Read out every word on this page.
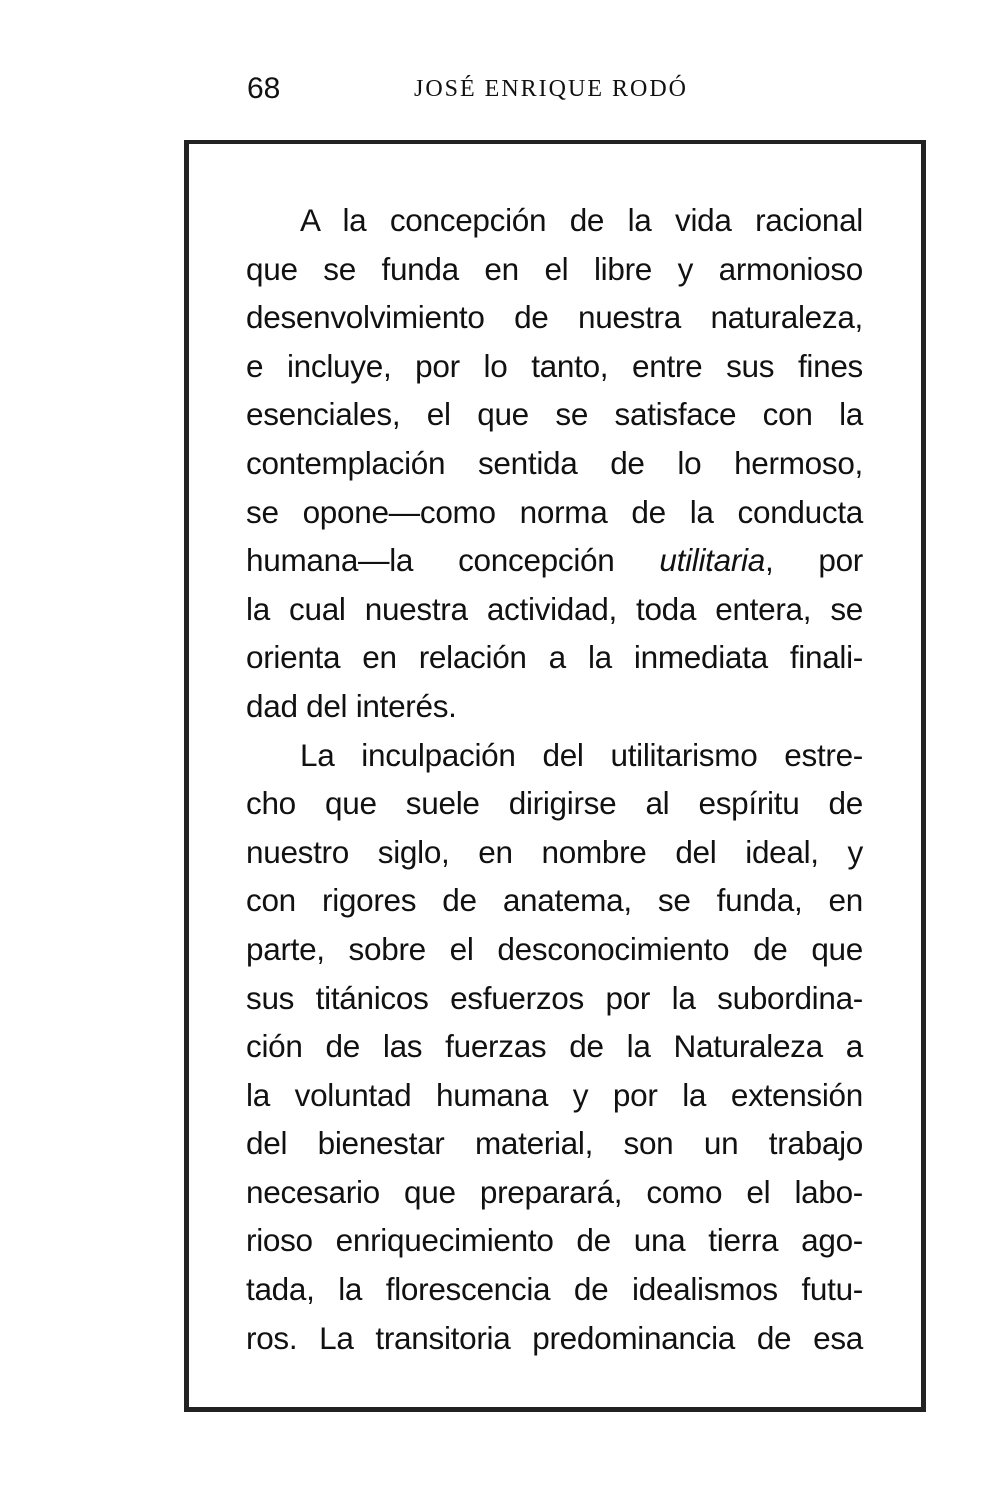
68	JOSÉ ENRIQUE RODÓ
A la concepción de la vida racional
que se funda en el libre y armonioso
desenvolvimiento de nuestra naturaleza,
e incluye, por lo tanto, entre sus fines
esenciales, el que se satisface con la
contemplación sentida de lo hermoso,
se opone—como norma de la conducta
humana—la concepción utilitaria, por
la cual nuestra actividad, toda entera, se
orienta en relación a la inmediata finali-
dad del interés.
La inculpación del utilitarismo estre-
cho que suele dirigirse al espíritu de
nuestro siglo, en nombre del ideal, y
con rigores de anatema, se funda, en
parte, sobre el desconocimiento de que
sus titánicos esfuerzos por la subordina-
ción de las fuerzas de la Naturaleza a
la voluntad humana y por la extensión
del bienestar material, son un trabajo
necesario que preparará, como el labo-
rioso enriquecimiento de una tierra ago-
tada, la florescencia de idealismos futu-
ros. La transitoria predominancia de esa
